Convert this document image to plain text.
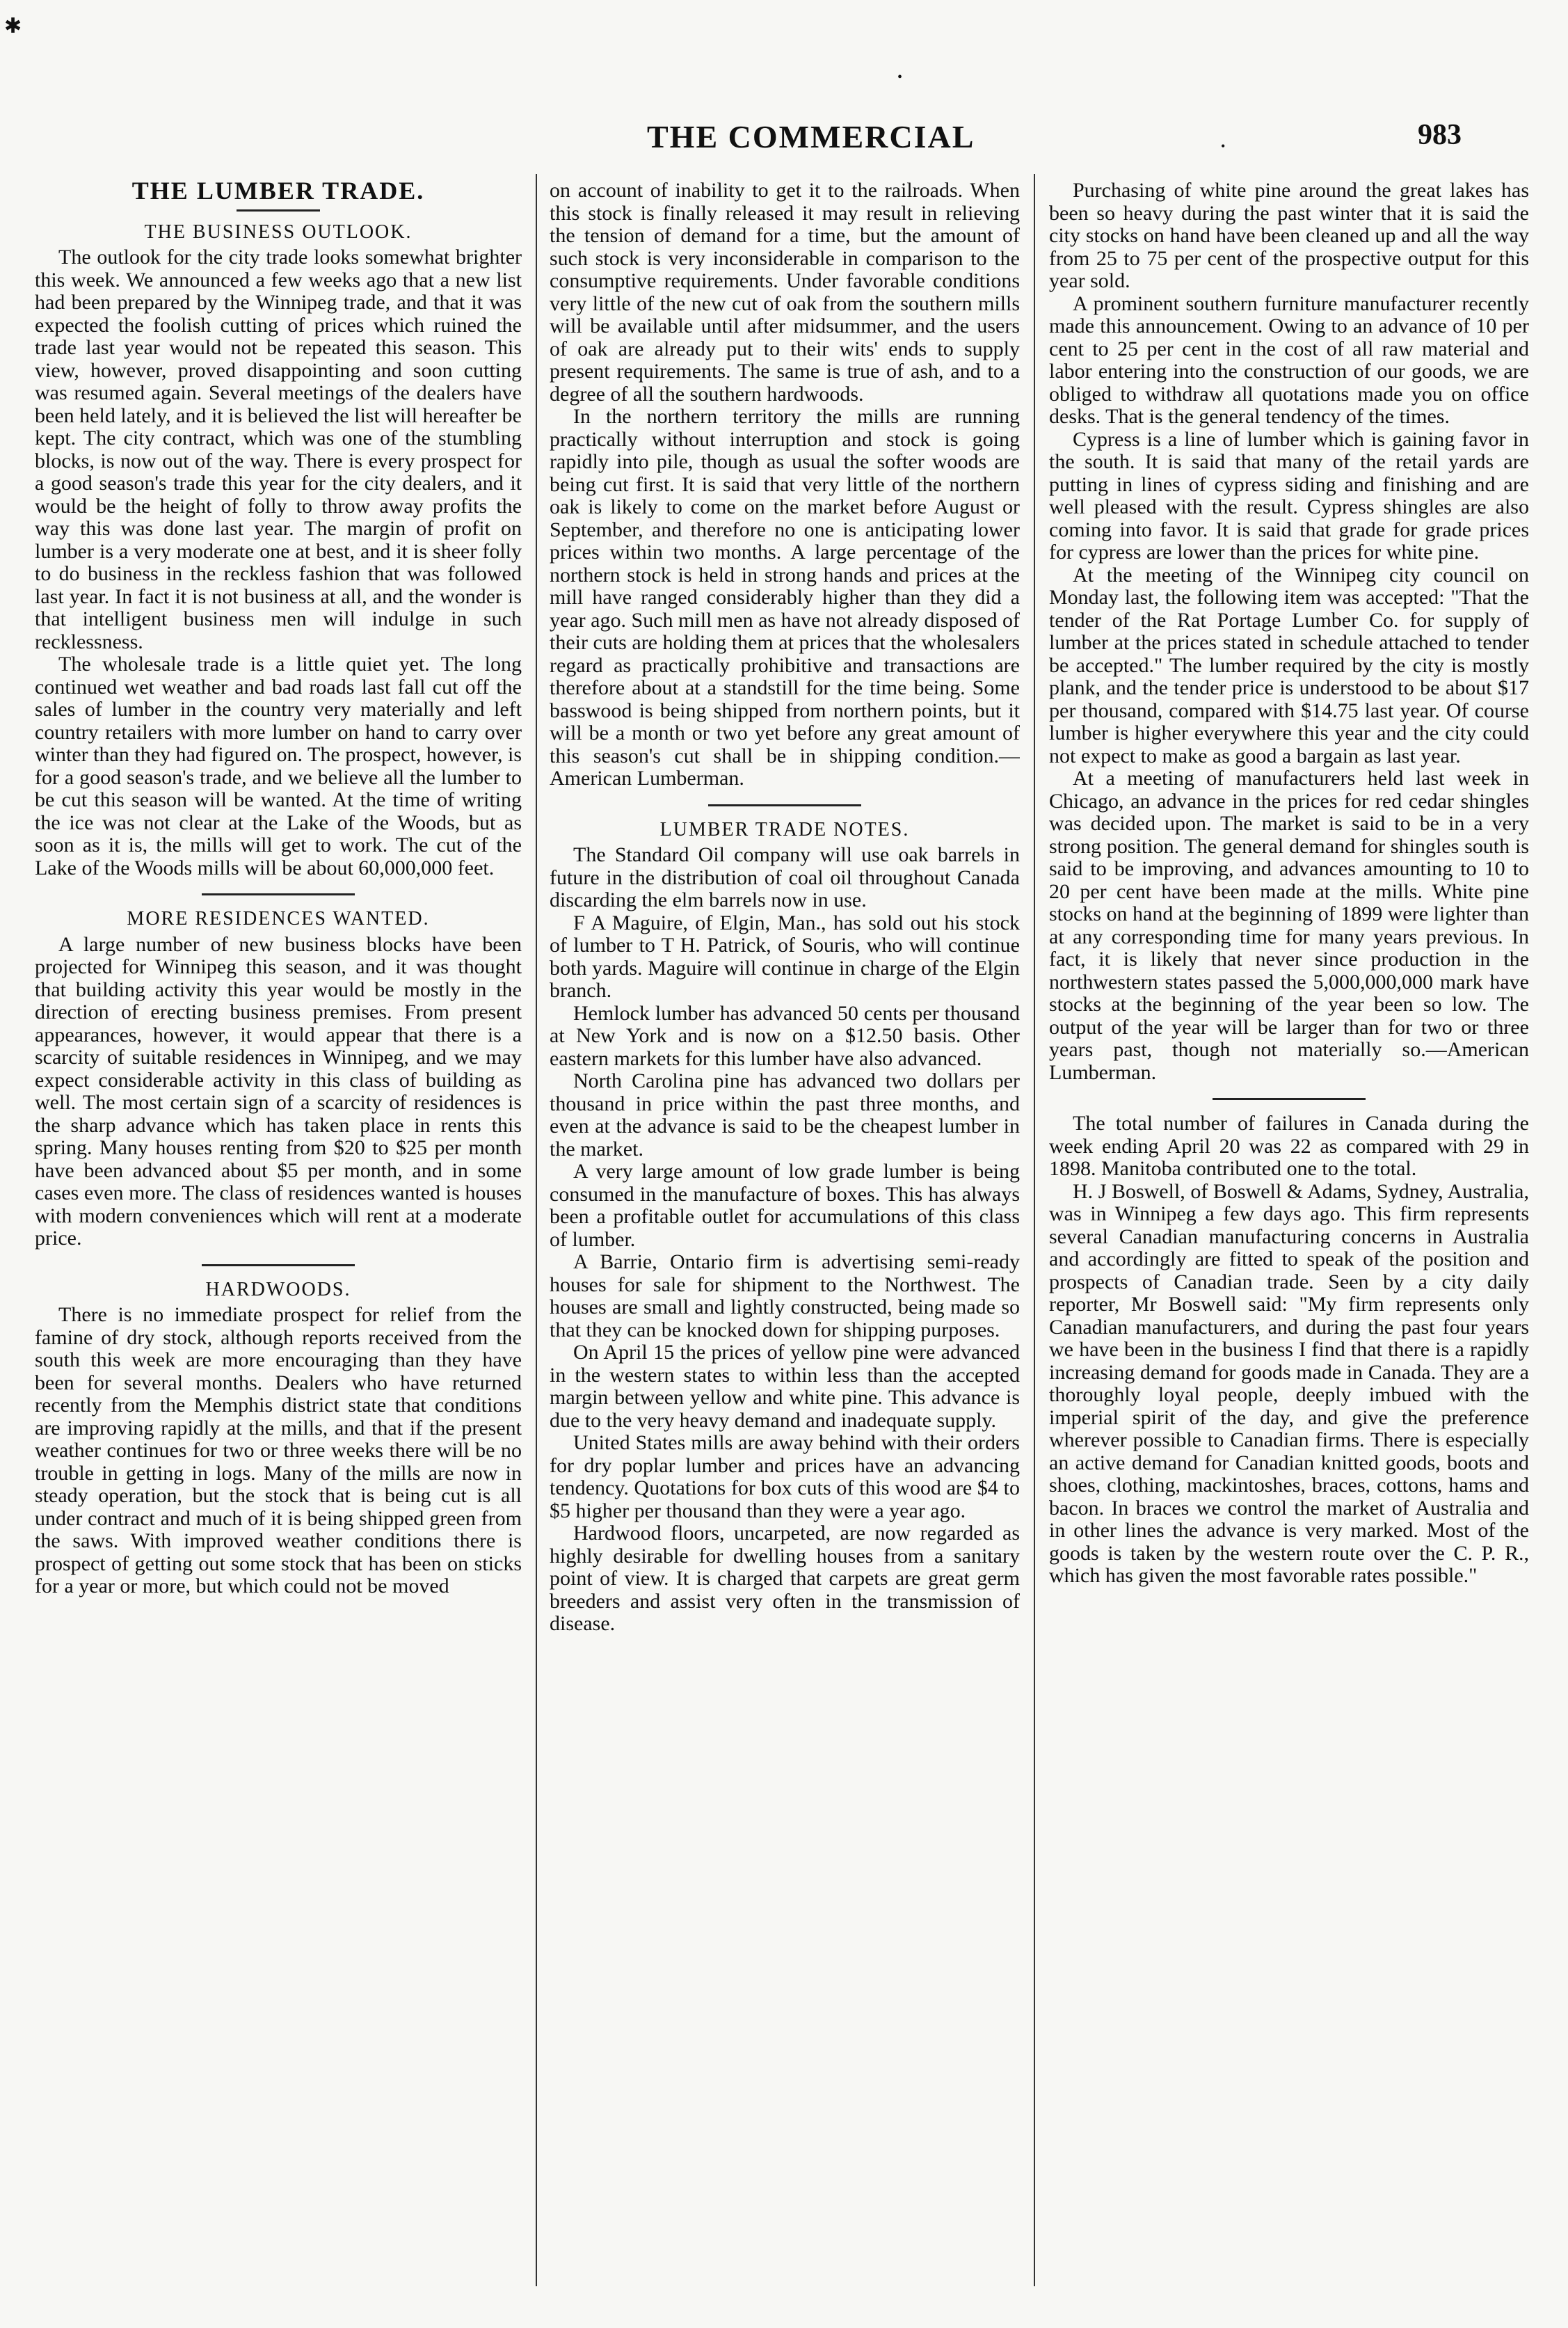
✱
•
•
THE COMMERCIAL	983
THE LUMBER TRADE.
THE BUSINESS OUTLOOK.

The outlook for the city trade looks somewhat brighter this week. We announced a few weeks ago that a new list had been prepared by the Winnipeg trade, and that it was expected the foolish cutting of prices which ruined the trade last year would not be repeated this season. This view, however, proved disappointing and soon cutting was resumed again. Several meetings of the dealers have been held lately, and it is believed the list will hereafter be kept. The city contract, which was one of the stumbling blocks, is now out of the way. There is every prospect for a good season's trade this year for the city dealers, and it would be the height of folly to throw away profits the way this was done last year. The margin of profit on lumber is a very moderate one at best, and it is sheer folly to do business in the reckless fashion that was followed last year. In fact it is not business at all, and the wonder is that intelligent business men will indulge in such recklessness.

The wholesale trade is a little quiet yet. The long continued wet weather and bad roads last fall cut off the sales of lumber in the country very materially and left country retailers with more lumber on hand to carry over winter than they had figured on. The prospect, however, is for a good season's trade, and we believe all the lumber to be cut this season will be wanted. At the time of writing the ice was not clear at the Lake of the Woods, but as soon as it is, the mills will get to work. The cut of the Lake of the Woods mills will be about 60,000,000 feet.

MORE RESIDENCES WANTED.

A large number of new business blocks have been projected for Winnipeg this season, and it was thought that building activity this year would be mostly in the direction of erecting business premises. From present appearances, however, it would appear that there is a scarcity of suitable residences in Winnipeg, and we may expect considerable activity in this class of building as well. The most certain sign of a scarcity of residences is the sharp advance which has taken place in rents this spring. Many houses renting from $20 to $25 per month have been advanced about $5 per month, and in some cases even more. The class of residences wanted is houses with modern conveniences which will rent at a moderate price.

HARDWOODS.

There is no immediate prospect for relief from the famine of dry stock, although reports received from the south this week are more encouraging than they have been for several months. Dealers who have returned recently from the Memphis district state that conditions are improving rapidly at the mills, and that if the present weather continues for two or three weeks there will be no trouble in getting in logs. Many of the mills are now in steady operation, but the stock that is being cut is all under contract and much of it is being shipped green from the saws. With improved weather conditions there is prospect of getting out some stock that has been on sticks for a year or more, but which could not be moved

on account of inability to get it to the railroads. When this stock is finally released it may result in relieving the tension of demand for a time, but the amount of such stock is very inconsiderable in comparison to the consumptive requirements. Under favorable conditions very little of the new cut of oak from the southern mills will be available until after midsummer, and the users of oak are already put to their wits' ends to supply present requirements. The same is true of ash, and to a degree of all the southern hardwoods.

In the northern territory the mills are running practically without interruption and stock is going rapidly into pile, though as usual the softer woods are being cut first. It is said that very little of the northern oak is likely to come on the market before August or September, and therefore no one is anticipating lower prices within two months. A large percentage of the northern stock is held in strong hands and prices at the mill have ranged considerably higher than they did a year ago. Such mill men as have not already disposed of their cuts are holding them at prices that the wholesalers regard as practically prohibitive and transactions are therefore about at a standstill for the time being. Some basswood is being shipped from northern points, but it will be a month or two yet before any great amount of this season's cut shall be in shipping condition.—American Lumberman.

LUMBER TRADE NOTES.

The Standard Oil company will use oak barrels in future in the distribution of coal oil throughout Canada discarding the elm barrels now in use.

F A Maguire, of Elgin, Man., has sold out his stock of lumber to T H. Patrick, of Souris, who will continue both yards. Maguire will continue in charge of the Elgin branch.

Hemlock lumber has advanced 50 cents per thousand at New York and is now on a $12.50 basis. Other eastern markets for this lumber have also advanced.

North Carolina pine has advanced two dollars per thousand in price within the past three months, and even at the advance is said to be the cheapest lumber in the market.

A very large amount of low grade lumber is being consumed in the manufacture of boxes. This has always been a profitable outlet for accumulations of this class of lumber.

A Barrie, Ontario firm is advertising semi-ready houses for sale for shipment to the Northwest. The houses are small and lightly constructed, being made so that they can be knocked down for shipping purposes.

On April 15 the prices of yellow pine were advanced in the western states to within less than the accepted margin between yellow and white pine. This advance is due to the very heavy demand and inadequate supply.

United States mills are away behind with their orders for dry poplar lumber and prices have an advancing tendency. Quotations for box cuts of this wood are $4 to $5 higher per thousand than they were a year ago.

Hardwood floors, uncarpeted, are now regarded as highly desirable for dwelling houses from a sanitary point of view. It is charged that carpets are great germ breeders and assist very often in the transmission of disease.

Purchasing of white pine around the great lakes has been so heavy during the past winter that it is said the city stocks on hand have been cleaned up and all the way from 25 to 75 per cent of the prospective output for this year sold.

A prominent southern furniture manufacturer recently made this announcement. Owing to an advance of 10 per cent to 25 per cent in the cost of all raw material and labor entering into the construction of our goods, we are obliged to withdraw all quotations made you on office desks. That is the general tendency of the times.

Cypress is a line of lumber which is gaining favor in the south. It is said that many of the retail yards are putting in lines of cypress siding and finishing and are well pleased with the result. Cypress shingles are also coming into favor. It is said that grade for grade prices for cypress are lower than the prices for white pine.

At the meeting of the Winnipeg city council on Monday last, the following item was accepted: "That the tender of the Rat Portage Lumber Co. for supply of lumber at the prices stated in schedule attached to tender be accepted." The lumber required by the city is mostly plank, and the tender price is understood to be about $17 per thousand, compared with $14.75 last year. Of course lumber is higher everywhere this year and the city could not expect to make as good a bargain as last year.

At a meeting of manufacturers held last week in Chicago, an advance in the prices for red cedar shingles was decided upon. The market is said to be in a very strong position. The general demand for shingles south is said to be improving, and advances amounting to 10 to 20 per cent have been made at the mills. White pine stocks on hand at the beginning of 1899 were lighter than at any corresponding time for many years previous. In fact, it is likely that never since production in the northwestern states passed the 5,000,000,000 mark have stocks at the beginning of the year been so low. The output of the year will be larger than for two or three years past, though not materially so.—American Lumberman.

The total number of failures in Canada during the week ending April 20 was 22 as compared with 29 in 1898. Manitoba contributed one to the total.

H. J Boswell, of Boswell & Adams, Sydney, Australia, was in Winnipeg a few days ago. This firm represents several Canadian manufacturing concerns in Australia and accordingly are fitted to speak of the position and prospects of Canadian trade. Seen by a city daily reporter, Mr Boswell said: "My firm represents only Canadian manufacturers, and during the past four years we have been in the business I find that there is a rapidly increasing demand for goods made in Canada. They are a thoroughly loyal people, deeply imbued with the imperial spirit of the day, and give the preference wherever possible to Canadian firms. There is especially an active demand for Canadian knitted goods, boots and shoes, clothing, mackintoshes, braces, cottons, hams and bacon. In braces we control the market of Australia and in other lines the advance is very marked. Most of the goods is taken by the western route over the C. P. R., which has given the most favorable rates possible."
